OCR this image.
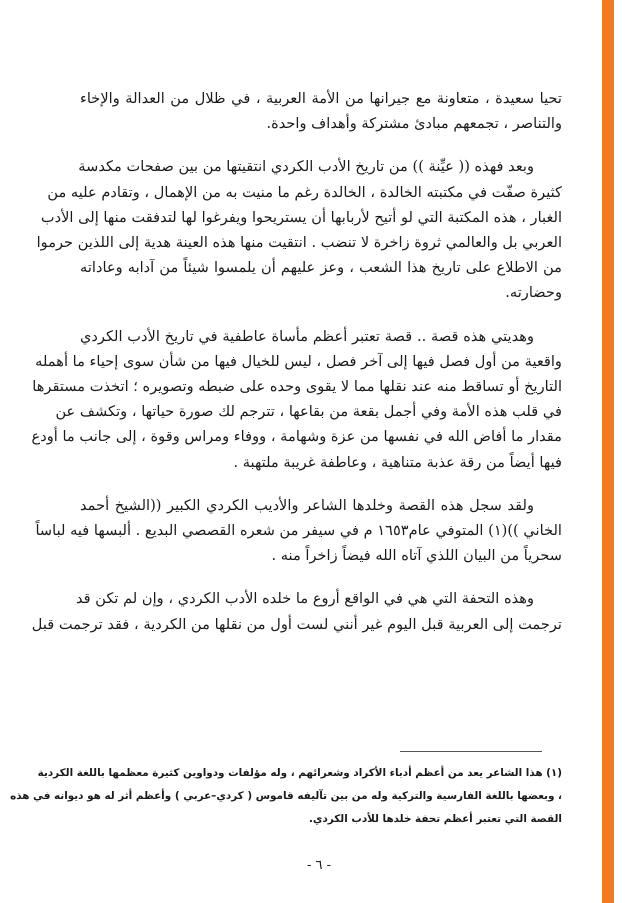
تحيا سعيدة ، متعاونة مع جيرانها من الأمة العربية ، في ظلال من العدالة والإخاء

والتناصر ، تجمعهم مبادئ مشتركة وأهداف واحدة.

وبعد فهذه (( عيِّنة )) من تاريخ الأدب الكردي انتقيتها من بين صفحات مكدسة

كثيرة صفّت في مكتبته الخالدة ، الخالدة رغم ما منيت به من الإهمال ، وتقادم عليه من

الغبار ، هذه المكتبة التي لو أتيح لأربابها أن يستريحوا ويفرغوا لها لتدفقت منها إلى الأدب

العربي بل والعالمي ثروة زاخرة لا تنضب . انتقيت منها هذه العينة هدية إلى اللذين حرموا

من الاطلاع على تاريخ هذا الشعب ، وعز عليهم أن يلمسوا شيئاً من آدابه وعاداته

وحضارته.

وهديتي هذه قصة .. قصة تعتبر أعظم مأساة عاطفية في تاريخ الأدب الكردي

واقعية من أول فصل فيها إلى آخر فصل ، ليس للخيال فيها من شأن سوى إحياء ما أهمله

التاريخ أو تساقط منه عند نقلها مما لا يقوى وحده على ضبطه وتصويره ؛ اتخذت مستقرها

في قلب هذه الأمة وفي أجمل بقعة من بقاعها ، تترجم لك صورة حياتها ، وتكشف عن

مقدار ما أفاض الله في نفسها من عزة وشهامة ، ووفاء ومراس وقوة ، إلى جانب ما أودع

فيها أيضاً من رقة عذبة متناهية ، وعاطفة غريبة ملتهبة .

ولقد سجل هذه القصة وخلدها الشاعر والأديب الكردي الكبير ((الشيخ أحمد

الخاني ))(١) المتوفي عام١٦٥٣ م في سيفر من شعره القصصي البديع . ألبسها فيه لباساً

سحرياً من البيان اللذي آتاه الله فيضاً زاخراً منه .

وهذه التحفة التي هي في الواقع أروع ما خلده الأدب الكردي ، وإن لم تكن قد

ترجمت إلى العربية قبل اليوم غير أنني لست أول من نقلها من الكردية ، فقد ترجمت قبل

(١) هذا الشاعر يعد من أعظم أدباء الأكراد وشعرائهم ، وله مؤلفات ودواوين كثيرة معظمها باللغة الكردية

، وبعضها باللغة الفارسية والتركية وله من بين تآليفه قاموس ( كردي–عربي ) وأعظم أثر له هو ديوانه في هذه

القصة التي تعتبر أعظم تحفة خلدها للأدب الكردي.

- ٦ -
